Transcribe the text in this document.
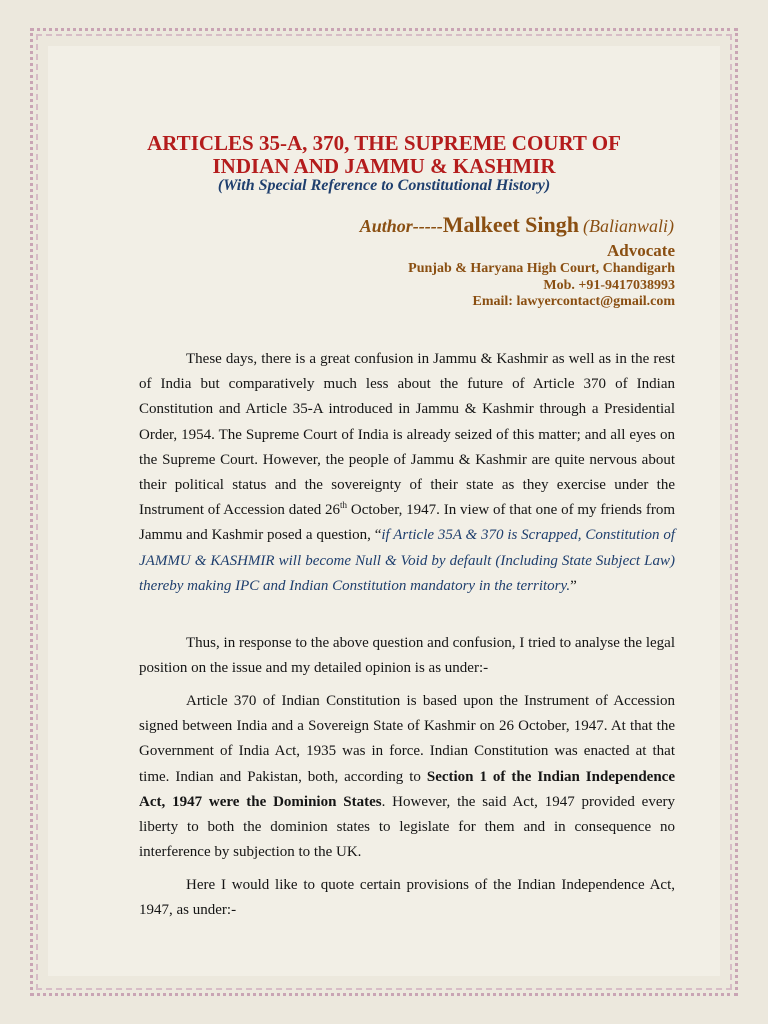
ARTICLES 35-A, 370, THE SUPREME COURT OF
INDIAN AND JAMMU & KASHMIR
(With Special Reference to Constitutional History)
Author-----Malkeet Singh (Balianwali)
Advocate
Punjab & Haryana High Court, Chandigarh
Mob. +91-9417038993
Email: lawyercontact@gmail.com

These days, there is a great confusion in Jammu & Kashmir as well as in the rest of India but comparatively much less about the future of Article 370 of Indian Constitution and Article 35-A introduced in Jammu & Kashmir through a Presidential Order, 1954. The Supreme Court of India is already seized of this matter; and all eyes on the Supreme Court. However, the people of Jammu & Kashmir are quite nervous about their political status and the sovereignty of their state as they exercise under the Instrument of Accession dated 26th October, 1947. In view of that one of my friends from Jammu and Kashmir posed a question, “if Article 35A & 370 is Scrapped, Constitution of JAMMU & KASHMIR will become Null & Void by default (Including State Subject Law) thereby making IPC and Indian Constitution mandatory in the territory.”

Thus, in response to the above question and confusion, I tried to analyse the legal position on the issue and my detailed opinion is as under:-

Article 370 of Indian Constitution is based upon the Instrument of Accession signed between India and a Sovereign State of Kashmir on 26 October, 1947. At that the Government of India Act, 1935 was in force. Indian Constitution was enacted at that time. Indian and Pakistan, both, according to Section 1 of the Indian Independence Act, 1947 were the Dominion States. However, the said Act, 1947 provided every liberty to both the dominion states to legislate for them and in consequence no interference by subjection to the UK.

Here I would like to quote certain provisions of the Indian Independence Act, 1947, as under:-
